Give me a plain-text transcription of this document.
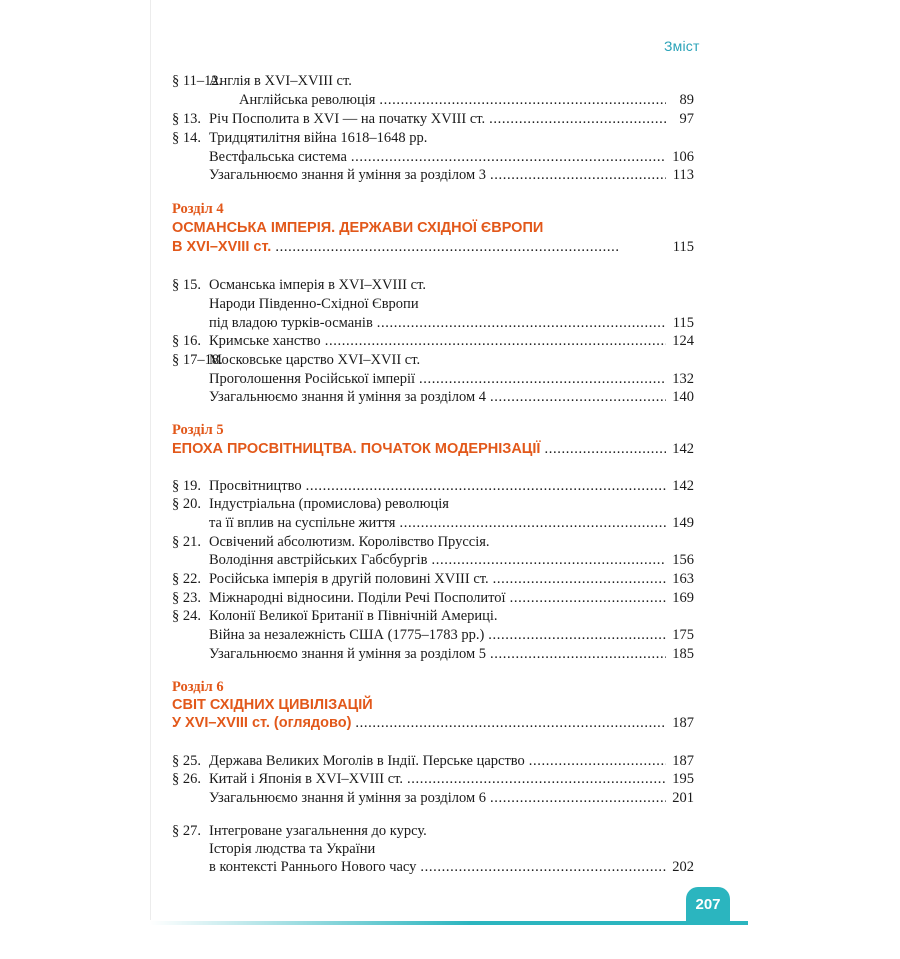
Зміст
§ 11–12.Англія в XVI–XVIII ст.
Англійська революція . . .	89
§ 13. Річ Посполита в XVI — на початку XVIII ст. . . .	97
§ 14. Тридцятилітня війна 1618–1648 рр.
Вестфальська система . . .	106
Узагальнюємо знання й уміння за розділом 3 . . .	113
Розділ 4
ОСМАНСЬКА ІМПЕРІЯ. ДЕРЖАВИ СХІДНОЇ ЄВРОПИ
В XVI–XVIII ст. . . .	115
§ 15. Османська імперія в XVI–XVIII ст.
Народи Південно-Східної Європи
під владою турків-османів . . .	115
§ 16. Кримське ханство . . .	124
§ 17–18.Московське царство XVI–XVII ст.
Проголошення Російської імперії . . .	132
Узагальнюємо знання й уміння за розділом 4 . . .	140
Розділ 5
ЕПОХА ПРОСВІТНИЦТВА. ПОЧАТОК МОДЕРНІЗАЦІЇ . . .	142
§ 19. Просвітництво . . .	142
§ 20. Індустріальна (промислова) революція
та її вплив на суспільне життя . . .	149
§ 21. Освічений абсолютизм. Королівство Пруссія.
Володіння австрійських Габсбургів . . .	156
§ 22. Російська імперія в другій половині XVIII ст. . . .	163
§ 23. Міжнародні відносини. Поділи Речі Посполитої . . .	169
§ 24. Колонії Великої Британії в Північній Америці.
Війна за незалежність США (1775–1783 рр.) . . .	175
Узагальнюємо знання й уміння за розділом 5 . . .	185
Розділ 6
СВІТ СХІДНИХ ЦИВІЛІЗАЦІЙ
У XVI–XVIII ст. (оглядово) . . .	187
§ 25. Держава Великих Моголів в Індії. Перське царство . . .	187
§ 26. Китай і Японія в XVI–XVIII ст. . . .	195
Узагальнюємо знання й уміння за розділом 6 . . .	201
§ 27. Інтегроване узагальнення до курсу.
Історія людства та України
в контексті Раннього Нового часу . . .	202
207
